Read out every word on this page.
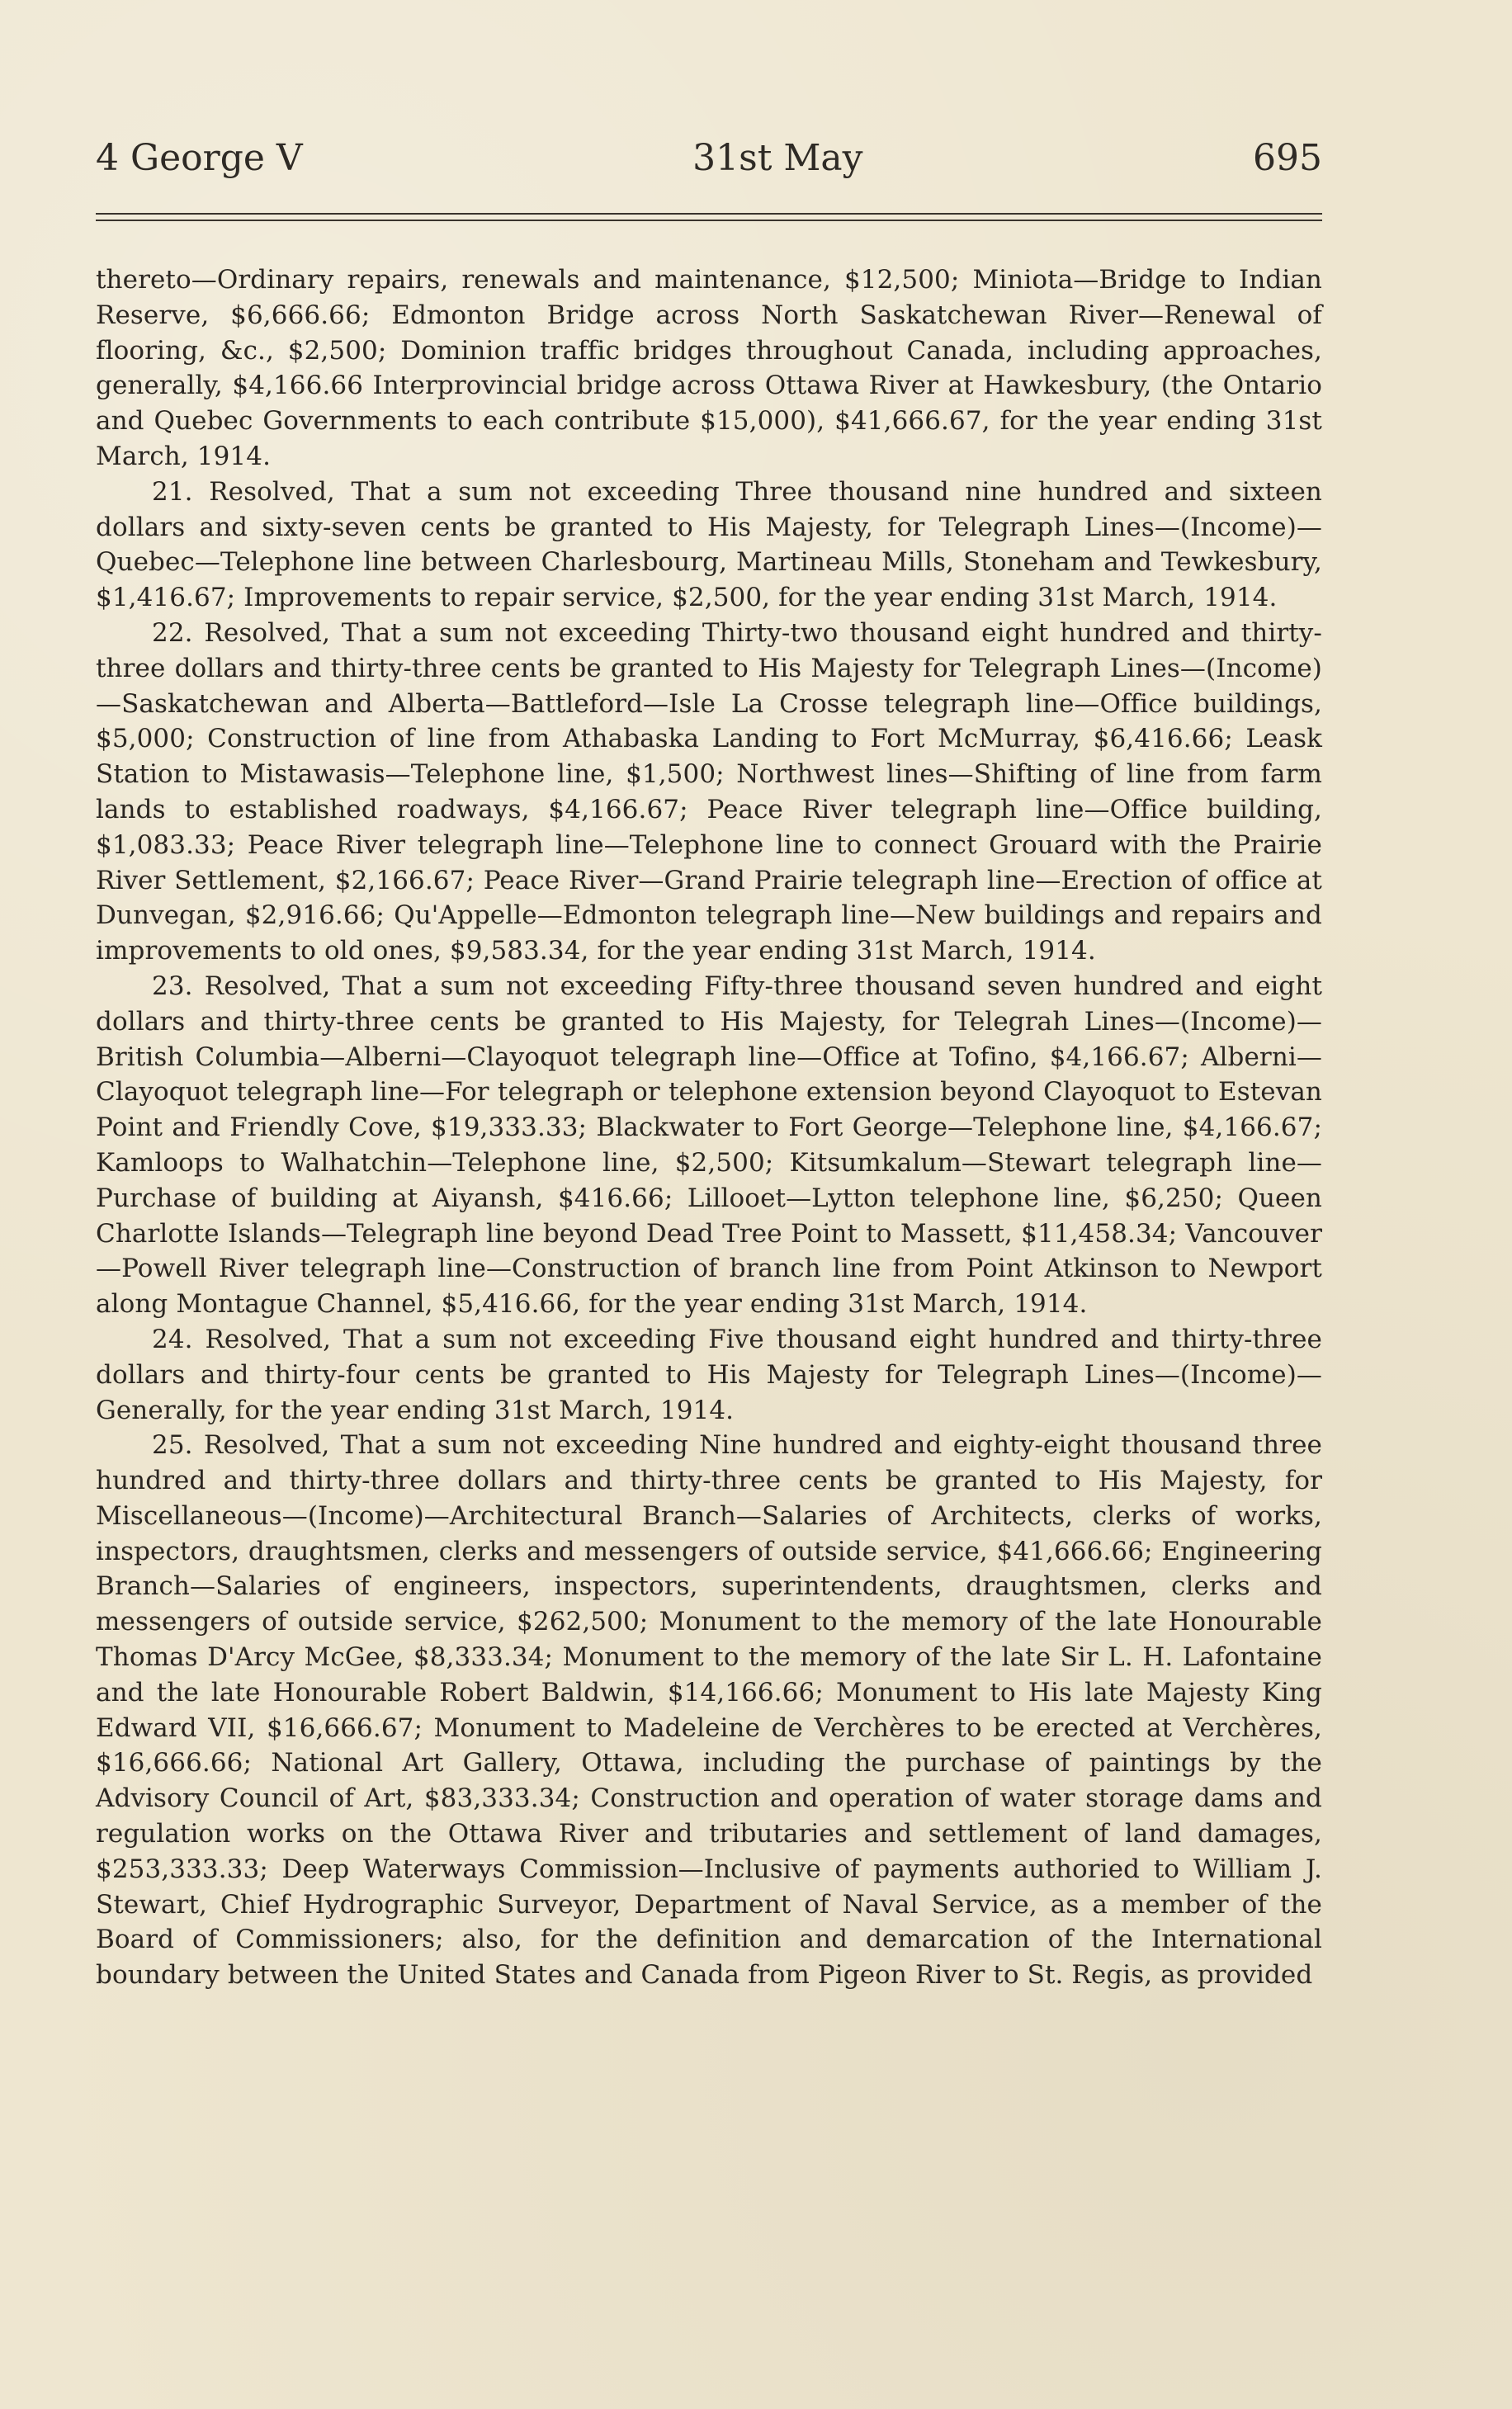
4 George V	31st May	695

thereto—Ordinary repairs, renewals and maintenance, $12,500; Miniota—Bridge to Indian Reserve, $6,666.66; Edmonton Bridge across North Saskatchewan River—Renewal of flooring, &c., $2,500; Dominion traffic bridges throughout Canada, including approaches, generally, $4,166.66 Interprovincial bridge across Ottawa River at Hawkesbury, (the Ontario and Quebec Governments to each contribute $15,000), $41,666.67, for the year ending 31st March, 1914.

21. Resolved, That a sum not exceeding Three thousand nine hundred and sixteen dollars and sixty-seven cents be granted to His Majesty, for Telegraph Lines—(Income)—Quebec—Telephone line between Charlesbourg, Martineau Mills, Stoneham and Tewkesbury, $1,416.67; Improvements to repair service, $2,500, for the year ending 31st March, 1914.

22. Resolved, That a sum not exceeding Thirty-two thousand eight hundred and thirty-three dollars and thirty-three cents be granted to His Majesty for Telegraph Lines—(Income)—Saskatchewan and Alberta—Battleford—Isle La Crosse telegraph line—Office buildings, $5,000; Construction of line from Athabaska Landing to Fort McMurray, $6,416.66; Leask Station to Mistawasis—Telephone line, $1,500; Northwest lines—Shifting of line from farm lands to established roadways, $4,166.67; Peace River telegraph line—Office building, $1,083.33; Peace River telegraph line—Telephone line to connect Grouard with the Prairie River Settlement, $2,166.67; Peace River—Grand Prairie telegraph line—Erection of office at Dunvegan, $2,916.66; Qu'Appelle—Edmonton telegraph line—New buildings and repairs and improvements to old ones, $9,583.34, for the year ending 31st March, 1914.

23. Resolved, That a sum not exceeding Fifty-three thousand seven hundred and eight dollars and thirty-three cents be granted to His Majesty, for Telegrah Lines—(Income)—British Columbia—Alberni—Clayoquot telegraph line—Office at Tofino, $4,166.67; Alberni—Clayoquot telegraph line—For telegraph or telephone extension beyond Clayoquot to Estevan Point and Friendly Cove, $19,333.33; Blackwater to Fort George—Telephone line, $4,166.67; Kamloops to Walhatchin—Telephone line, $2,500; Kitsumkalum—Stewart telegraph line—Purchase of building at Aiyansh, $416.66; Lillooet—Lytton telephone line, $6,250; Queen Charlotte Islands—Telegraph line beyond Dead Tree Point to Massett, $11,458.34; Vancouver—Powell River telegraph line—Construction of branch line from Point Atkinson to Newport along Montague Channel, $5,416.66, for the year ending 31st March, 1914.

24. Resolved, That a sum not exceeding Five thousand eight hundred and thirty-three dollars and thirty-four cents be granted to His Majesty for Telegraph Lines—(Income)—Generally, for the year ending 31st March, 1914.

25. Resolved, That a sum not exceeding Nine hundred and eighty-eight thousand three hundred and thirty-three dollars and thirty-three cents be granted to His Majesty, for Miscellaneous—(Income)—Architectural Branch—Salaries of Architects, clerks of works, inspectors, draughtsmen, clerks and messengers of outside service, $41,666.66; Engineering Branch—Salaries of engineers, inspectors, superintendents, draughtsmen, clerks and messengers of outside service, $262,500; Monument to the memory of the late Honourable Thomas D'Arcy McGee, $8,333.34; Monument to the memory of the late Sir L. H. Lafontaine and the late Honourable Robert Baldwin, $14,166.66; Monument to His late Majesty King Edward VII, $16,666.67; Monument to Madeleine de Verchères to be erected at Verchères, $16,666.66; National Art Gallery, Ottawa, including the purchase of paintings by the Advisory Council of Art, $83,333.34; Construction and operation of water storage dams and regulation works on the Ottawa River and tributaries and settlement of land damages, $253,333.33; Deep Waterways Commission—Inclusive of payments authoried to William J. Stewart, Chief Hydrographic Surveyor, Department of Naval Service, as a member of the Board of Commissioners; also, for the definition and demarcation of the International boundary between the United States and Canada from Pigeon River to St. Regis, as provided
